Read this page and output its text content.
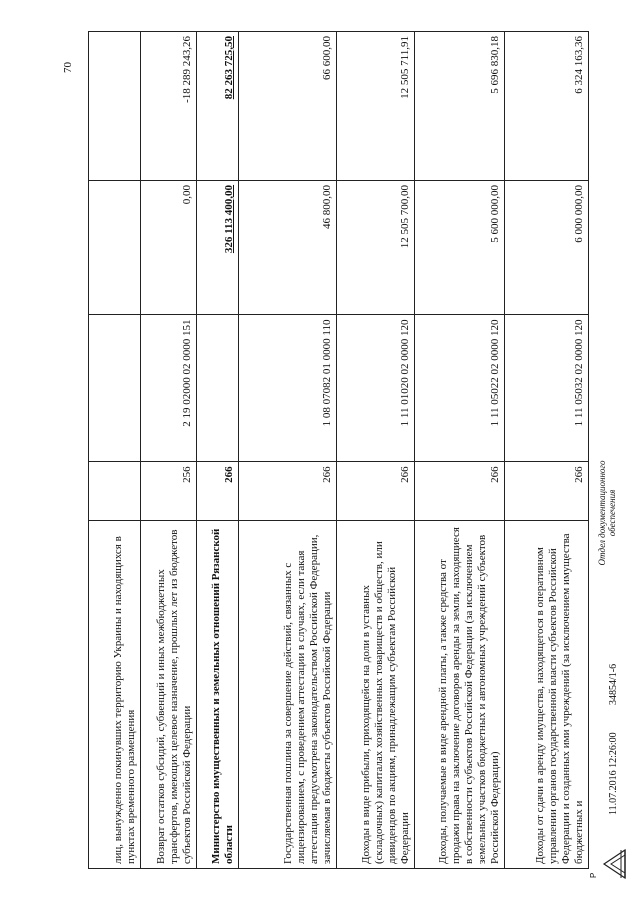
70
лиц, вынужденно покинувших территорию Украины и находящихся в пунктах временного размещения				
Возврат остатков субсидий, субвенций и иных межбюджетных трансфертов, имеющих целевое назначение, прошлых лет из бюджетов субъектов Российской Федерации	256	2 19 02000 02 0000 151	0,00	-18 289 243,26
Министерство имущественных и земельных отношений Рязанской области	266		326 113 400,00	82 263 725,50
Государственная пошлина за совершение действий, связанных с лицензированием, с проведением аттестации в случаях, если такая аттестация предусмотрена законодательством Российской Федерации, зачисляемая в бюджеты субъектов Российской Федерации	266	1 08 07082 01 0000 110	46 800,00	66 600,00
Доходы в виде прибыли, приходящейся на доли в уставных (складочных) капиталах хозяйственных товариществ и обществ, или дивидендов по акциям, принадлежащим субъектам Российской Федерации	266	1 11 01020 02 0000 120	12 505 700,00	12 505 711,91
Доходы, получаемые в виде арендной платы, а также средства от продажи права на заключение договоров аренды за земли, находящиеся в собственности субъектов Российской Федерации (за исключением земельных участков бюджетных и автономных учреждений субъектов Российской Федерации)	266	1 11 05022 02 0000 120	5 600 000,00	5 696 830,18
Доходы от сдачи в аренду имущества, находящегося в оперативном управлении органов государственной власти субъектов Российской Федерации и созданных ими учреждений (за исключением имущества бюджетных и	266	1 11 05032 02 0000 120	6 000 000,00	6 324 163,36
Р
11.07.2016 12:26:00
34854/1-6
Отдел документационного обеспечения
